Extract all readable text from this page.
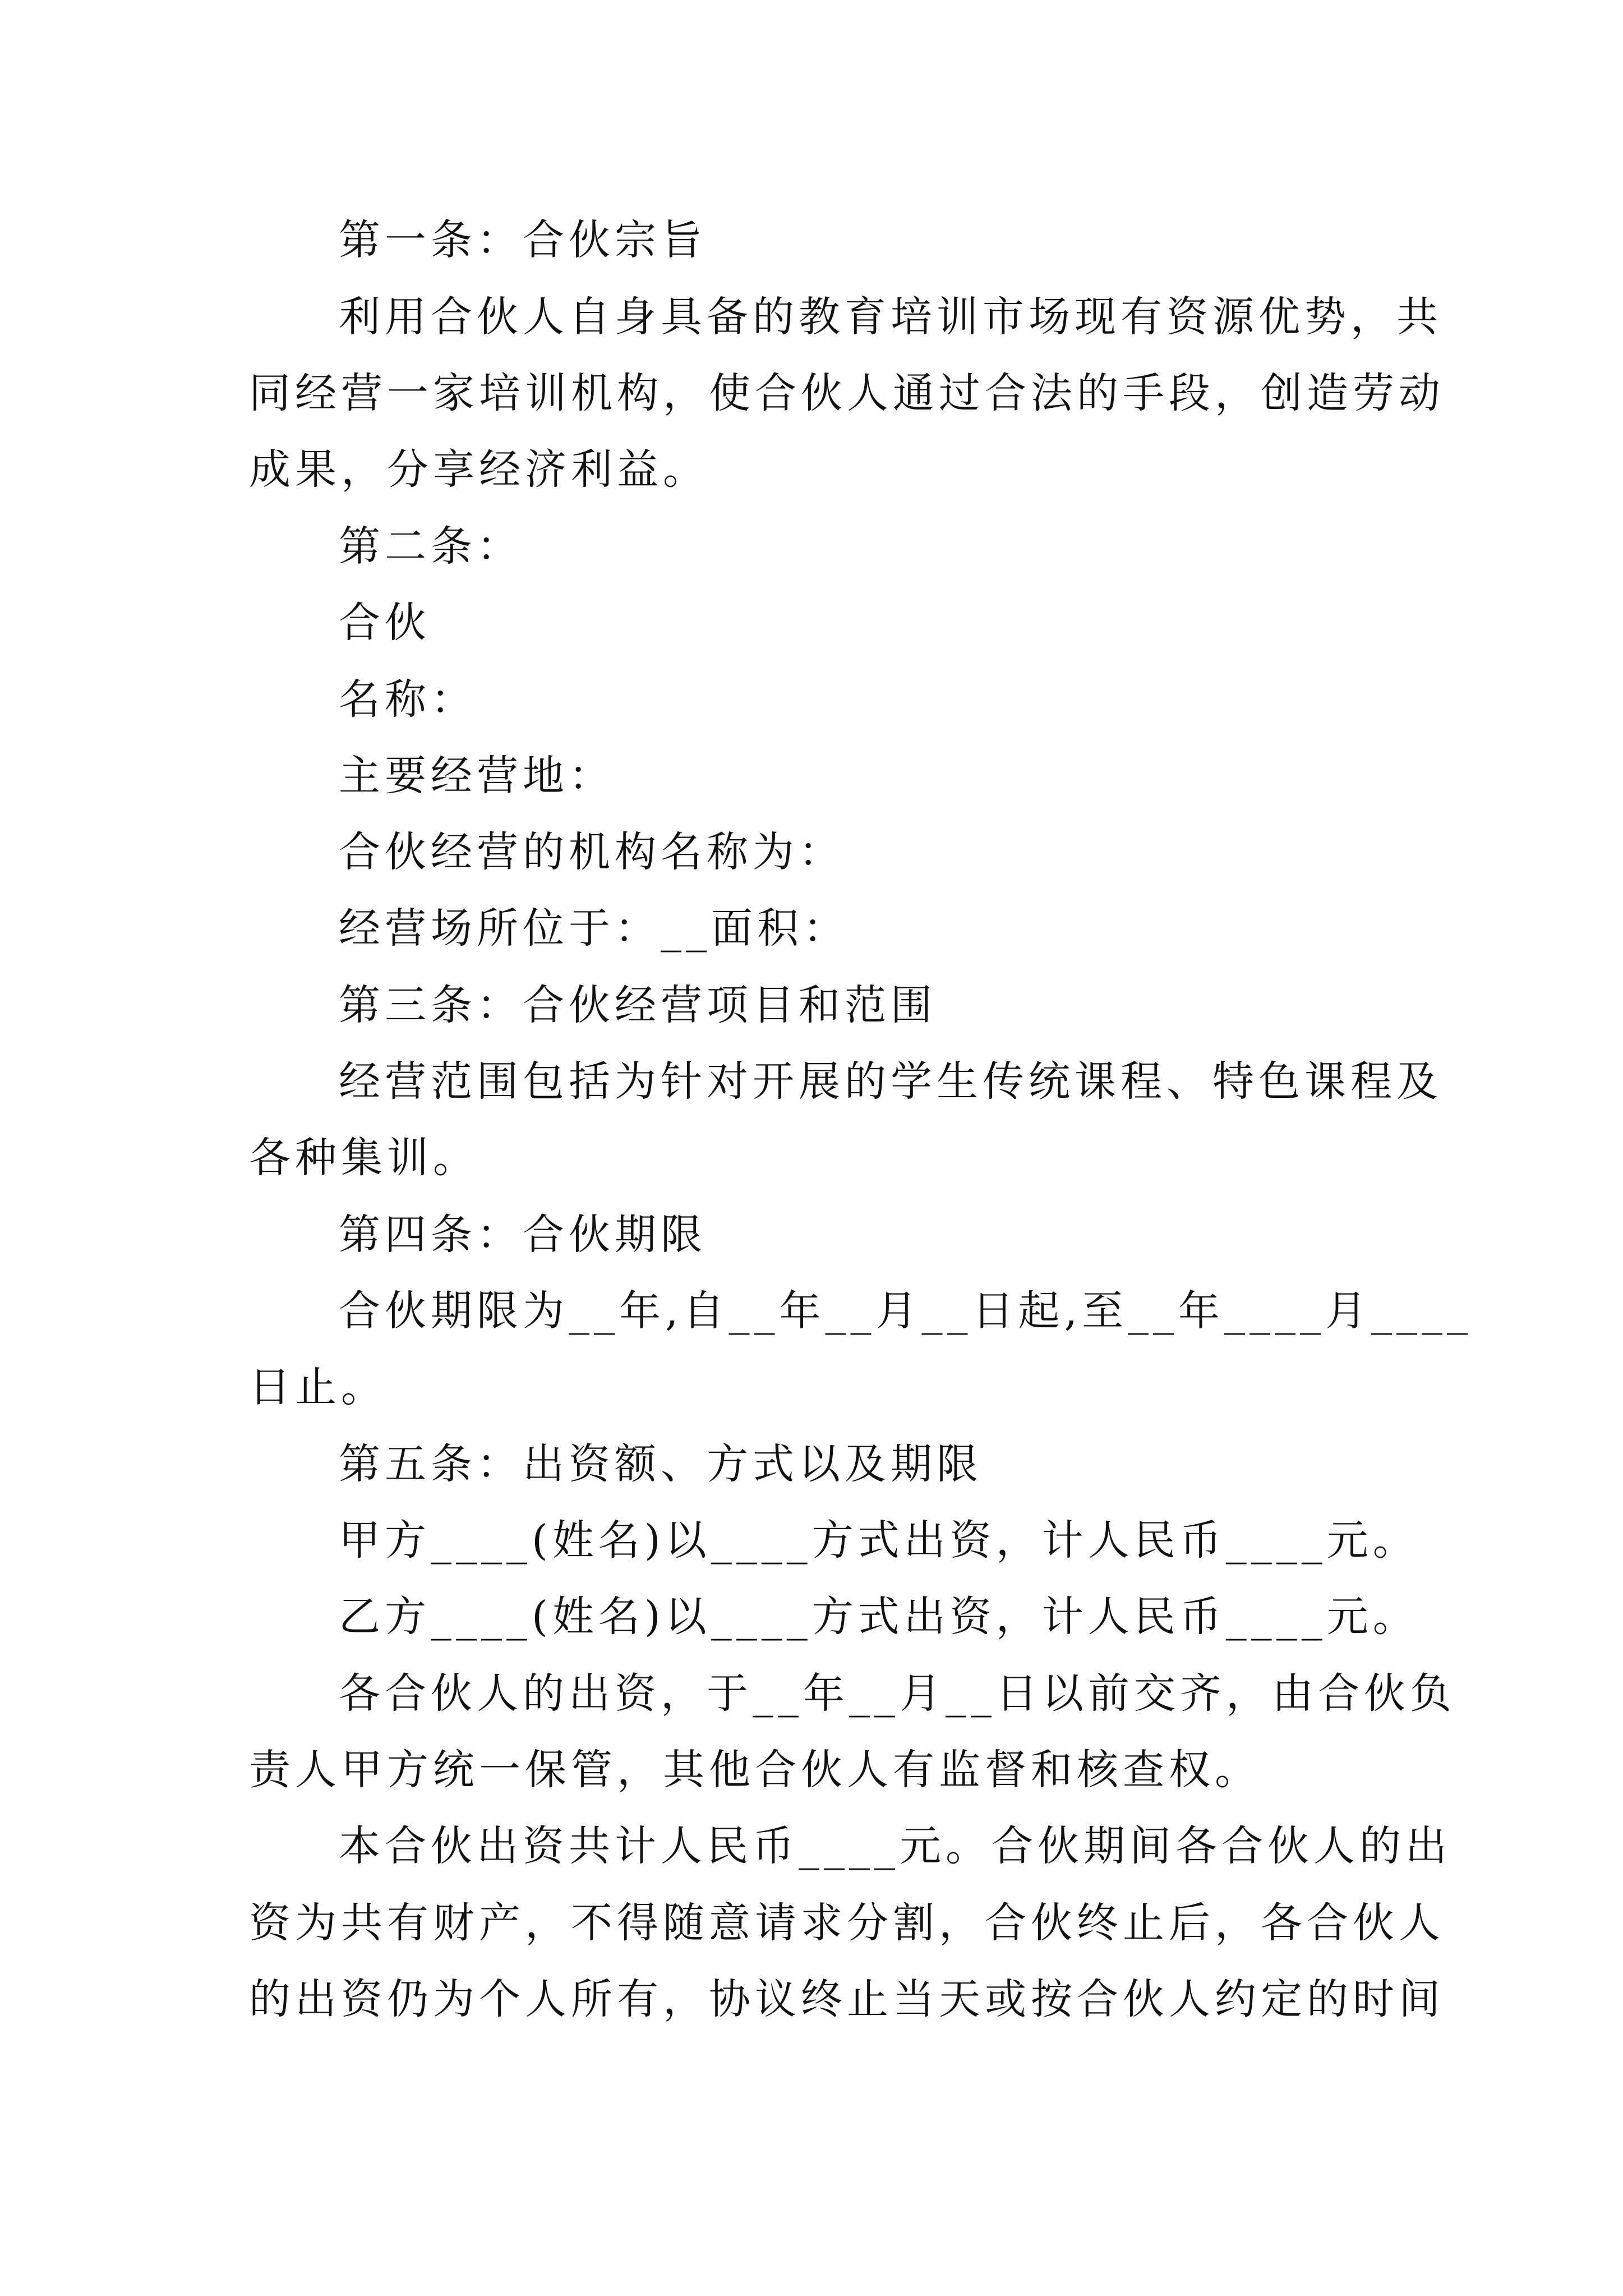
第一条：合伙宗旨
利用合伙人自身具备的教育培训市场现有资源优势，共
同经营一家培训机构，使合伙人通过合法的手段，创造劳动
成果，分享经济利益。
第二条：
合伙
名称：
主要经营地：
合伙经营的机构名称为：
经营场所位于：__面积：
第三条：合伙经营项目和范围
经营范围包括为针对开展的学生传统课程、特色课程及
各种集训。
第四条：合伙期限
合伙期限为__年,自__年__月__日起,至__年____月____
日止。
第五条：出资额、方式以及期限
甲方____(姓名)以____方式出资，计人民币____元。
乙方____(姓名)以____方式出资，计人民币____元。
各合伙人的出资，于__年__月__日以前交齐，由合伙负
责人甲方统一保管，其他合伙人有监督和核查权。
本合伙出资共计人民币____元。合伙期间各合伙人的出
资为共有财产，不得随意请求分割，合伙终止后，各合伙人
的出资仍为个人所有，协议终止当天或按合伙人约定的时间
